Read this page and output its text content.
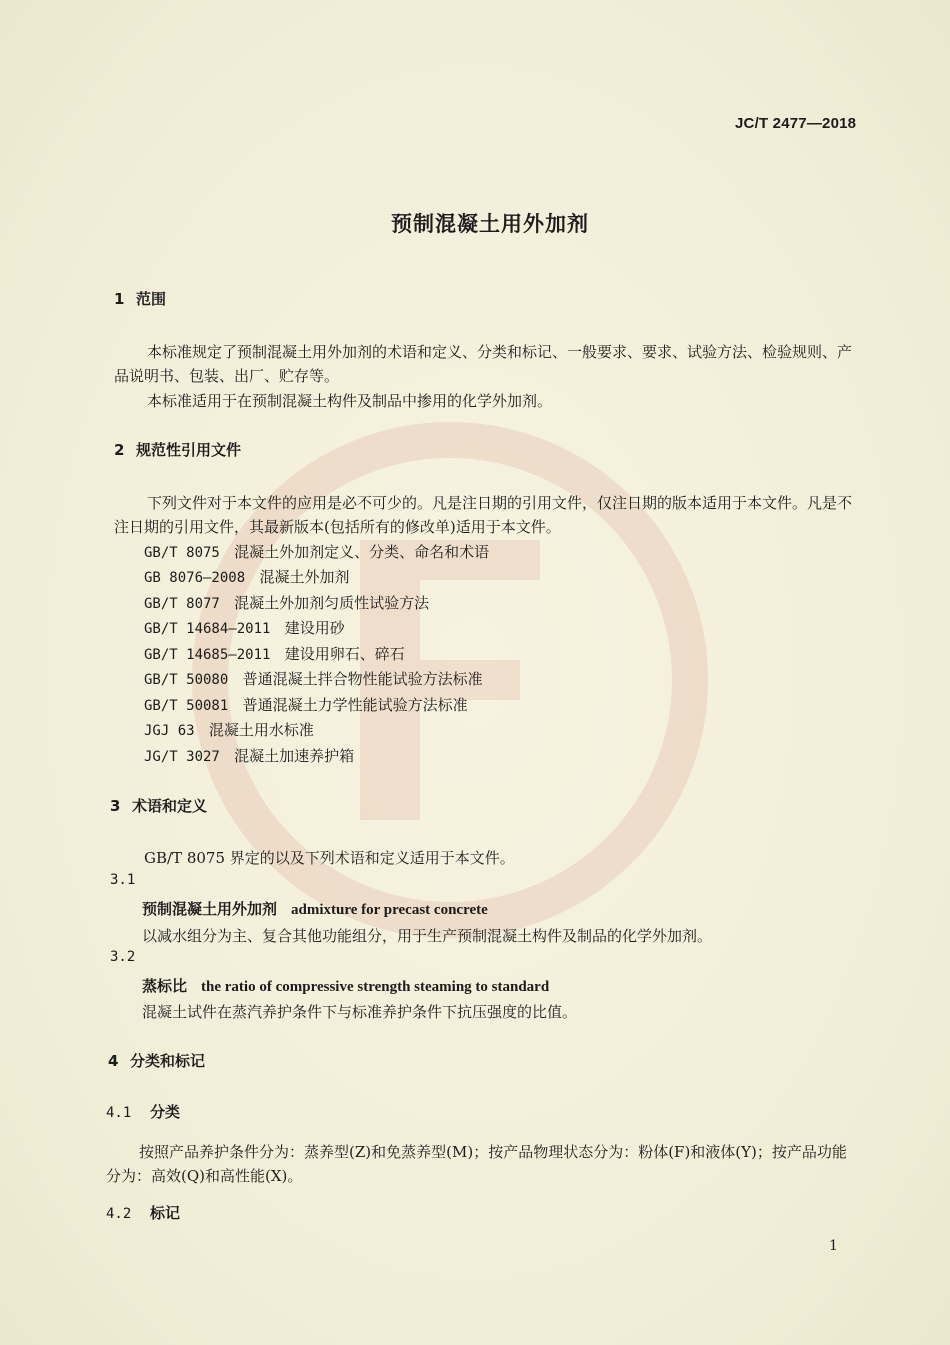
JC/T 2477—2018
预制混凝土用外加剂
1 范围
本标准规定了预制混凝土用外加剂的术语和定义、分类和标记、一般要求、要求、试验方法、检验规则、产品说明书、包装、出厂、贮存等。
本标准适用于在预制混凝土构件及制品中掺用的化学外加剂。
2 规范性引用文件
下列文件对于本文件的应用是必不可少的。凡是注日期的引用文件，仅注日期的版本适用于本文件。凡是不注日期的引用文件，其最新版本(包括所有的修改单)适用于本文件。
GB/T 8075 混凝土外加剂定义、分类、命名和术语
GB 8076—2008 混凝土外加剂
GB/T 8077 混凝土外加剂匀质性试验方法
GB/T 14684—2011 建设用砂
GB/T 14685—2011 建设用卵石、碎石
GB/T 50080 普通混凝土拌合物性能试验方法标准
GB/T 50081 普通混凝土力学性能试验方法标准
JGJ 63 混凝土用水标准
JG/T 3027 混凝土加速养护箱
3 术语和定义
GB/T 8075 界定的以及下列术语和定义适用于本文件。
3.1
预制混凝土用外加剂 admixture for precast concrete
以减水组分为主、复合其他功能组分，用于生产预制混凝土构件及制品的化学外加剂。
3.2
蒸标比 the ratio of compressive strength steaming to standard
混凝土试件在蒸汽养护条件下与标准养护条件下抗压强度的比值。
4 分类和标记
4.1 分类
按照产品养护条件分为：蒸养型(Z)和免蒸养型(M)；按产品物理状态分为：粉体(F)和液体(Y)；按产品功能分为：高效(Q)和高性能(X)。
4.2 标记
1
